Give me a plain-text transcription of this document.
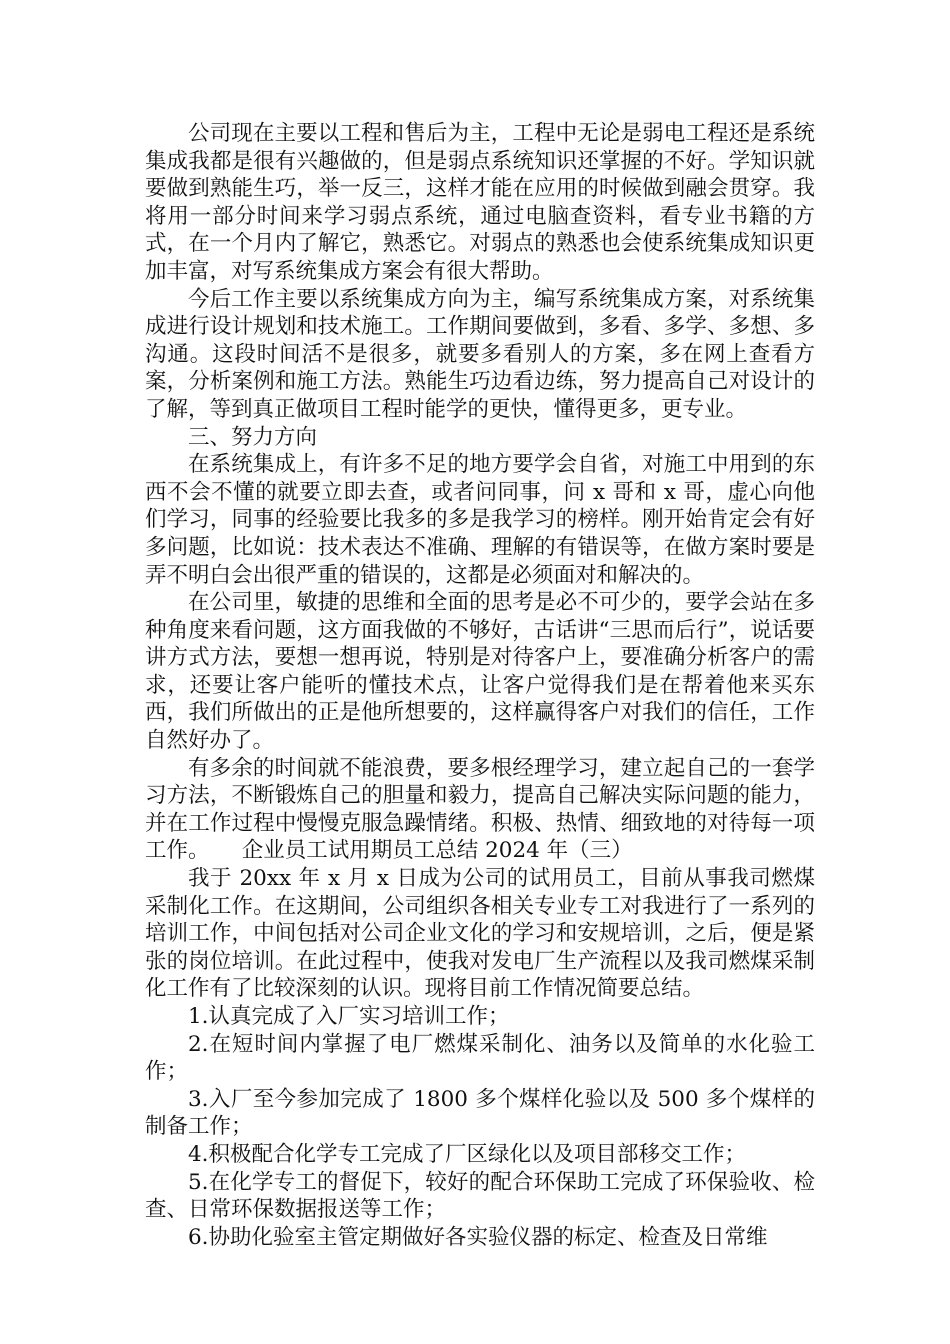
公司现在主要以工程和售后为主，工程中无论是弱电工程还是系统集成我都是很有兴趣做的，但是弱点系统知识还掌握的不好。学知识就要做到熟能生巧，举一反三，这样才能在应用的时候做到融会贯穿。我将用一部分时间来学习弱点系统，通过电脑查资料，看专业书籍的方式，在一个月内了解它，熟悉它。对弱点的熟悉也会使系统集成知识更加丰富，对写系统集成方案会有很大帮助。

今后工作主要以系统集成方向为主，编写系统集成方案，对系统集成进行设计规划和技术施工。工作期间要做到，多看、多学、多想、多沟通。这段时间活不是很多，就要多看别人的方案，多在网上查看方案，分析案例和施工方法。熟能生巧边看边练，努力提高自己对设计的了解，等到真正做项目工程时能学的更快，懂得更多，更专业。

三、努力方向

在系统集成上，有许多不足的地方要学会自省，对施工中用到的东西不会不懂的就要立即去查，或者问同事，问 x 哥和 x 哥，虚心向他们学习，同事的经验要比我多的多是我学习的榜样。刚开始肯定会有好多问题，比如说：技术表达不准确、理解的有错误等，在做方案时要是弄不明白会出很严重的错误的，这都是必须面对和解决的。

在公司里，敏捷的思维和全面的思考是必不可少的，要学会站在多种角度来看问题，这方面我做的不够好，古话讲“三思而后行”，说话要讲方式方法，要想一想再说，特别是对待客户上，要准确分析客户的需求，还要让客户能听的懂技术点，让客户觉得我们是在帮着他来买东西，我们所做出的正是他所想要的，这样赢得客户对我们的信任，工作自然好办了。

有多余的时间就不能浪费，要多根经理学习，建立起自己的一套学习方法，不断锻炼自己的胆量和毅力，提高自己解决实际问题的能力，并在工作过程中慢慢克服急躁情绪。积极、热情、细致地的对待每一项工作。　　企业员工试用期员工总结 2024 年（三）

我于 20xx 年 x 月 x 日成为公司的试用员工，目前从事我司燃煤采制化工作。在这期间，公司组织各相关专业专工对我进行了一系列的培训工作，中间包括对公司企业文化的学习和安规培训，之后，便是紧张的岗位培训。在此过程中，使我对发电厂生产流程以及我司燃煤采制化工作有了比较深刻的认识。现将目前工作情况简要总结。

1.认真完成了入厂实习培训工作；

2.在短时间内掌握了电厂燃煤采制化、油务以及简单的水化验工作；

3.入厂至今参加完成了 1800 多个煤样化验以及 500 多个煤样的制备工作；

4.积极配合化学专工完成了厂区绿化以及项目部移交工作；

5.在化学专工的督促下，较好的配合环保助工完成了环保验收、检查、日常环保数据报送等工作；

6.协助化验室主管定期做好各实验仪器的标定、检查及日常维
